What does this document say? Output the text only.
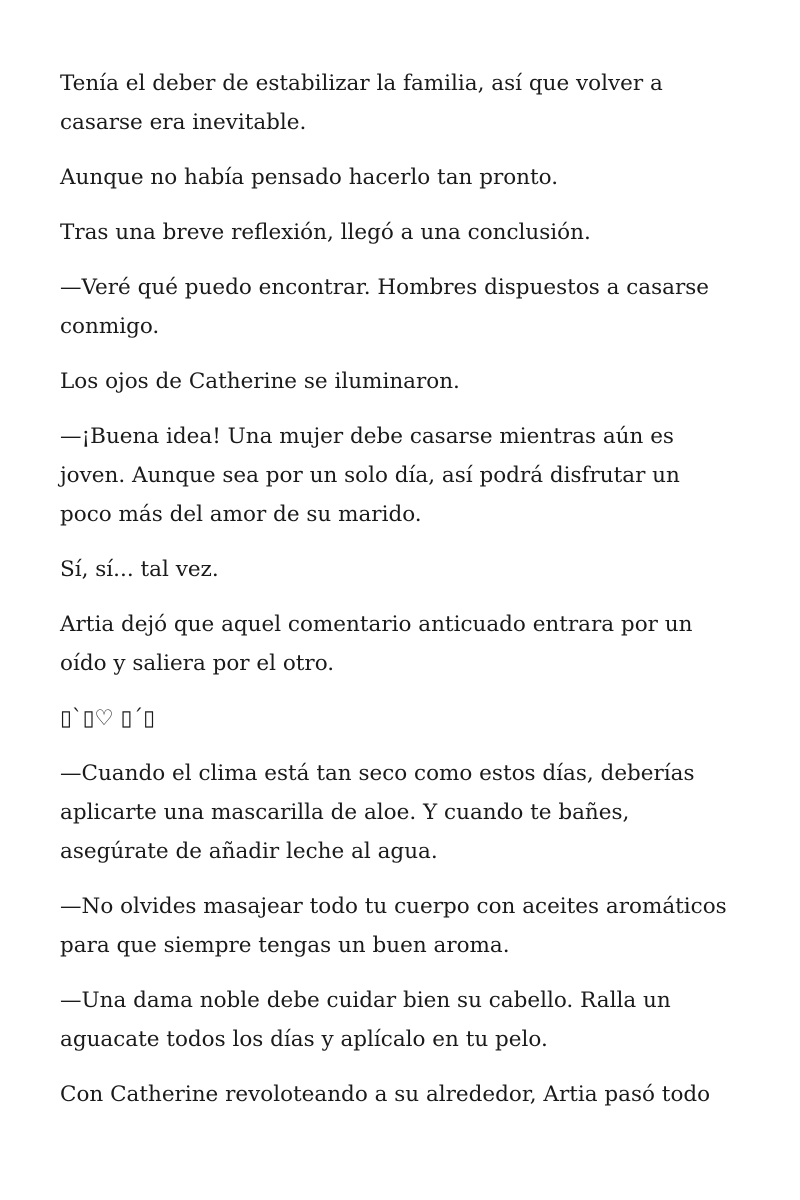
Tenía el deber de estabilizar la familia, así que volver a casarse era inevitable.

Aunque no había pensado hacerlo tan pronto.

Tras una breve reflexión, llegó a una conclusión.

—Veré qué puedo encontrar. Hombres dispuestos a casarse conmigo.

Los ojos de Catherine se iluminaron.

—¡Buena idea! Una mujer debe casarse mientras aún es joven. Aunque sea por un solo día, así podrá disfrutar un poco más del amor de su marido.

Sí, sí... tal vez.

Artia dejó que aquel comentario anticuado entrara por un oído y saliera por el otro.

▯`▯♡ ▯´▯

—Cuando el clima está tan seco como estos días, deberías aplicarte una mascarilla de aloe. Y cuando te bañes, asegúrate de añadir leche al agua.

—No olvides masajear todo tu cuerpo con aceites aromáticos para que siempre tengas un buen aroma.

—Una dama noble debe cuidar bien su cabello. Ralla un aguacate todos los días y aplícalo en tu pelo.

Con Catherine revoloteando a su alrededor, Artia pasó todo
